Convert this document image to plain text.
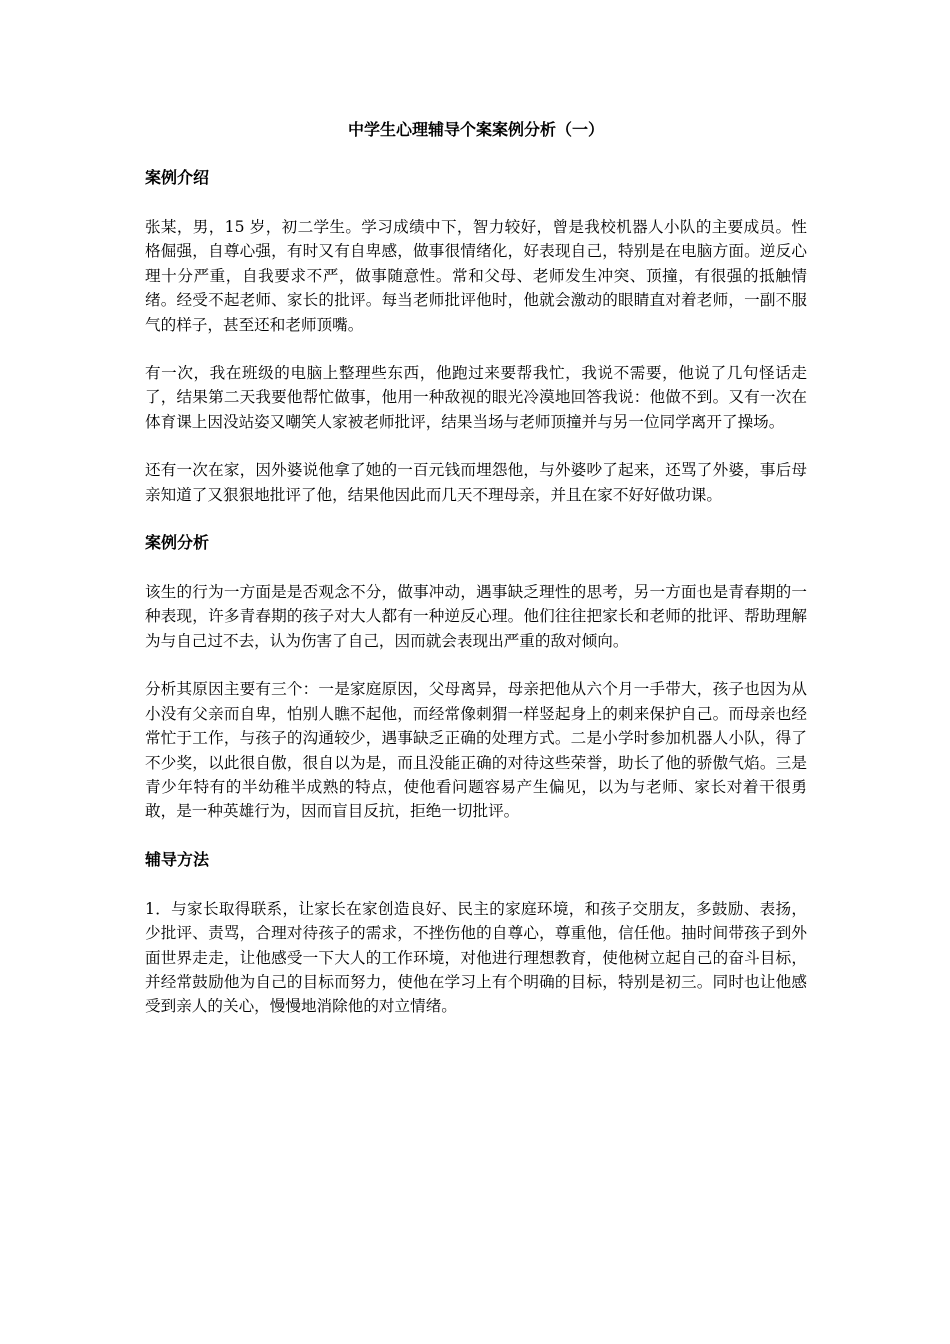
中学生心理辅导个案案例分析（一）
案例介绍

张某，男，15 岁，初二学生。学习成绩中下，智力较好，曾是我校机器人小队的主要成员。性格倔强，自尊心强，有时又有自卑感，做事很情绪化，好表现自己，特别是在电脑方面。逆反心理十分严重，自我要求不严，做事随意性。常和父母、老师发生冲突、顶撞，有很强的抵触情绪。经受不起老师、家长的批评。每当老师批评他时，他就会激动的眼睛直对着老师，一副不服气的样子，甚至还和老师顶嘴。

有一次，我在班级的电脑上整理些东西，他跑过来要帮我忙，我说不需要，他说了几句怪话走了，结果第二天我要他帮忙做事，他用一种敌视的眼光冷漠地回答我说：他做不到。又有一次在体育课上因没站姿又嘲笑人家被老师批评，结果当场与老师顶撞并与另一位同学离开了操场。

还有一次在家，因外婆说他拿了她的一百元钱而埋怨他，与外婆吵了起来，还骂了外婆，事后母亲知道了又狠狠地批评了他，结果他因此而几天不理母亲，并且在家不好好做功课。

案例分析

该生的行为一方面是是否观念不分，做事冲动，遇事缺乏理性的思考，另一方面也是青春期的一种表现，许多青春期的孩子对大人都有一种逆反心理。他们往往把家长和老师的批评、帮助理解为与自己过不去，认为伤害了自己，因而就会表现出严重的敌对倾向。

分析其原因主要有三个：一是家庭原因，父母离异，母亲把他从六个月一手带大，孩子也因为从小没有父亲而自卑，怕别人瞧不起他，而经常像刺猬一样竖起身上的刺来保护自己。而母亲也经常忙于工作，与孩子的沟通较少，遇事缺乏正确的处理方式。二是小学时参加机器人小队，得了不少奖，以此很自傲，很自以为是，而且没能正确的对待这些荣誉，助长了他的骄傲气焰。三是青少年特有的半幼稚半成熟的特点，使他看问题容易产生偏见，以为与老师、家长对着干很勇敢，是一种英雄行为，因而盲目反抗，拒绝一切批评。

辅导方法

1．与家长取得联系，让家长在家创造良好、民主的家庭环境，和孩子交朋友，多鼓励、表扬，少批评、责骂，合理对待孩子的需求，不挫伤他的自尊心，尊重他，信任他。抽时间带孩子到外面世界走走，让他感受一下大人的工作环境，对他进行理想教育，使他树立起自己的奋斗目标，并经常鼓励他为自己的目标而努力，使他在学习上有个明确的目标，特别是初三。同时也让他感受到亲人的关心，慢慢地消除他的对立情绪。
